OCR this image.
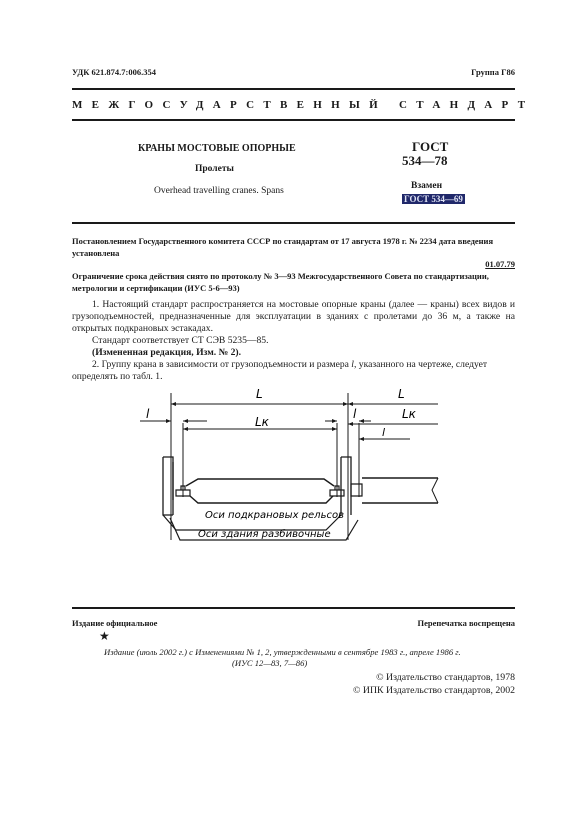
УДК 621.874.7:006.354	Группа Г86
МЕЖГОСУДАРСТВЕННЫЙ СТАНДАРТ
КРАНЫ МОСТОВЫЕ ОПОРНЫЕ
Пролеты
Overhead travelling cranes. Spans
ГОСТ
534—78
Взамен
ГОСТ 534—69
Постановлением Государственного комитета СССР по стандартам от 17 августа 1978 г. № 2234 дата введения установлена
01.07.79
Ограничение срока действия снято по протоколу № 3—93 Межгосударственного Совета по стандартизации, метрологии и сертификации (ИУС 5-6—93)
1. Настоящий стандарт распространяется на мостовые опорные краны (далее — краны) всех видов и грузоподъемностей, предназначенные для эксплуатации в зданиях с пролетами до 36 м, а также на открытых подкрановых эстакадах.
Стандарт соответствует СТ СЭВ 5235—85.
(Измененная редакция, Изм. № 2).
2. Группу крана в зависимости от грузоподъемности и размера l, указанного на чертеже, следует определять по табл. 1.
L
Lк
l	l
L
Lк
l
Оси подкрановых рельсов
Оси здания разбивочные
Издание официальное	Перепечатка воспрещена
★
Издание (июль 2002 г.) с Изменениями № 1, 2, утвержденными в сентябре 1983 г., апреле 1986 г.
(ИУС 12—83, 7—86)
© Издательство стандартов, 1978
© ИПК Издательство стандартов, 2002
